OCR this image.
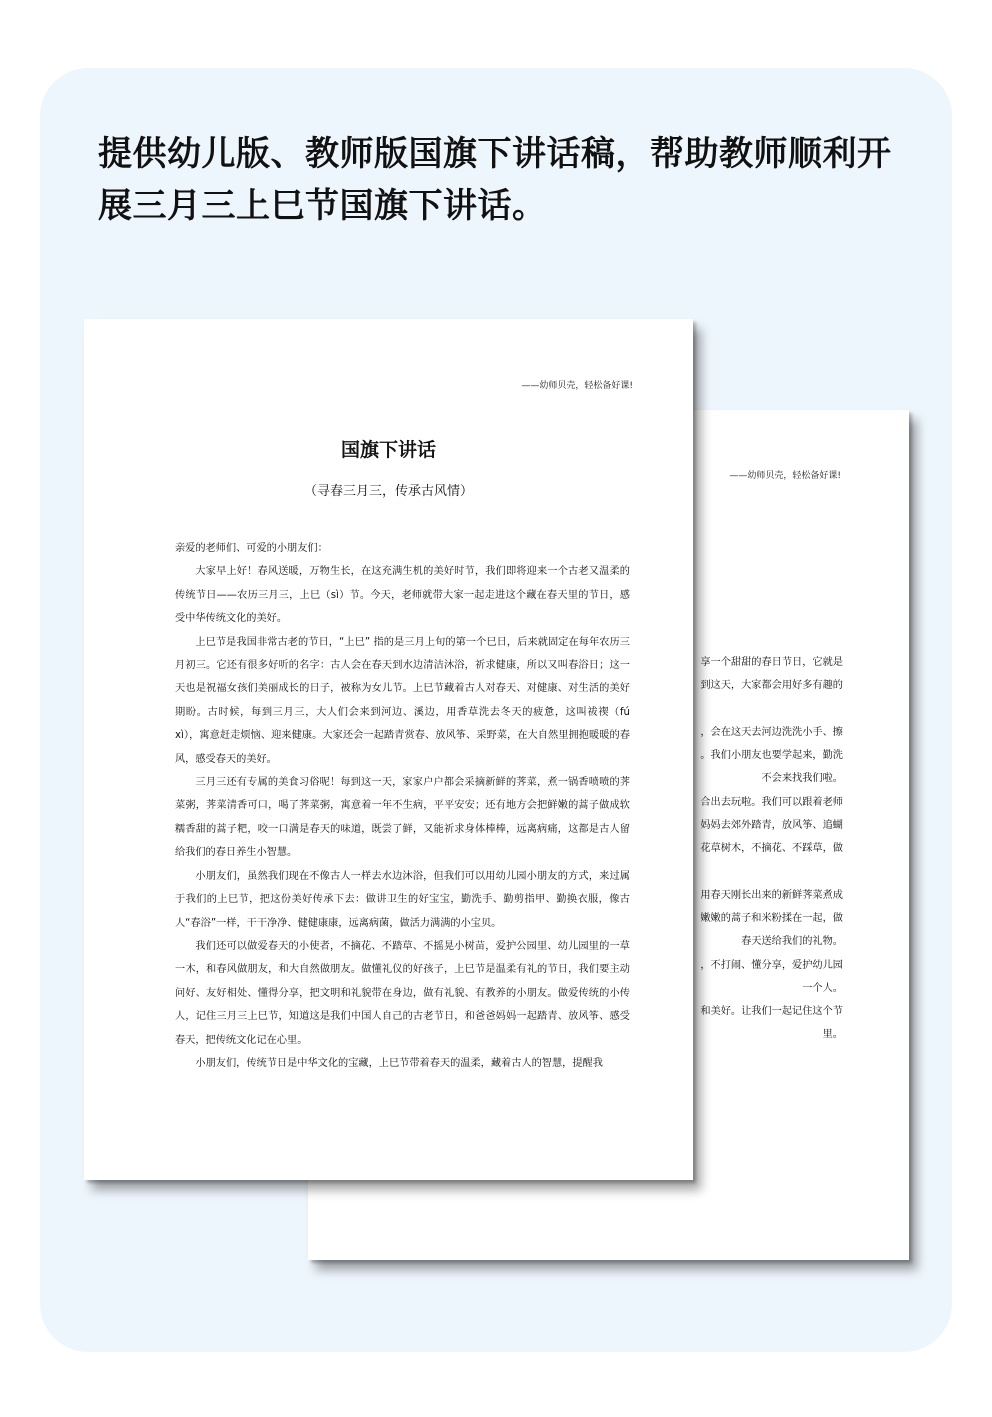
提供幼儿版、教师版国旗下讲话稿，帮助教师顺利开展三月三上巳节国旗下讲话。
——幼师贝壳，轻松备好课!
享一个甜甜的春日节日，它就是
到这天，大家都会用好多有趣的
，会在这天去河边洗洗小手、擦
。我们小朋友也要学起来，勤洗
不会来找我们啦。
合出去玩啦。我们可以跟着老师
妈妈去郊外踏青，放风筝、追蝴
花草树木，不摘花、不踩草，做
用春天刚长出来的新鲜荠菜煮成
嫩嫩的蒿子和米粉揉在一起，做
春天送给我们的礼物。
，不打闹、懂分享，爱护幼儿园
一个人。
和美好。让我们一起记住这个节
里。
——幼师贝壳，轻松备好课!
国旗下讲话
（寻春三月三，传承古风情）

亲爱的老师们、可爱的小朋友们：

大家早上好！春风送暖，万物生长，在这充满生机的美好时节，我们即将迎来一个古老又温柔的传统节日——农历三月三，上巳（sì）节。今天，老师就带大家一起走进这个藏在春天里的节日，感受中华传统文化的美好。

上巳节是我国非常古老的节日，“上巳” 指的是三月上旬的第一个巳日，后来就固定在每年农历三月初三。它还有很多好听的名字：古人会在春天到水边清洁沐浴，祈求健康，所以又叫春浴日；这一天也是祝福女孩们美丽成长的日子，被称为女儿节。上巳节藏着古人对春天、对健康、对生活的美好期盼。古时候，每到三月三，大人们会来到河边、溪边，用香草洗去冬天的疲惫，这叫祓禊（fú xì），寓意赶走烦恼、迎来健康。大家还会一起踏青赏春、放风筝、采野菜，在大自然里拥抱暖暖的春风，感受春天的美好。

三月三还有专属的美食习俗呢！每到这一天，家家户户都会采摘新鲜的荠菜，煮一锅香喷喷的荠菜粥，荠菜清香可口，喝了荠菜粥，寓意着一年不生病，平平安安；还有地方会把鲜嫩的蒿子做成软糯香甜的蒿子粑，咬一口满是春天的味道，既尝了鲜，又能祈求身体棒棒，远离病痛，这都是古人留给我们的春日养生小智慧。

小朋友们，虽然我们现在不像古人一样去水边沐浴，但我们可以用幼儿园小朋友的方式，来过属于我们的上巳节，把这份美好传承下去：做讲卫生的好宝宝，勤洗手、勤剪指甲、勤换衣服，像古人“春浴”一样，干干净净、健健康康，远离病菌，做活力满满的小宝贝。

我们还可以做爱春天的小使者，不摘花、不踏草、不摇晃小树苗，爱护公园里、幼儿园里的一草一木，和春风做朋友，和大自然做朋友。做懂礼仪的好孩子，上巳节是温柔有礼的节日，我们要主动问好、友好相处、懂得分享，把文明和礼貌带在身边，做有礼貌、有教养的小朋友。做爱传统的小传人，记住三月三上巳节，知道这是我们中国人自己的古老节日，和爸爸妈妈一起踏青、放风筝、感受春天，把传统文化记在心里。

小朋友们，传统节日是中华文化的宝藏，上巳节带着春天的温柔，藏着古人的智慧，提醒我
